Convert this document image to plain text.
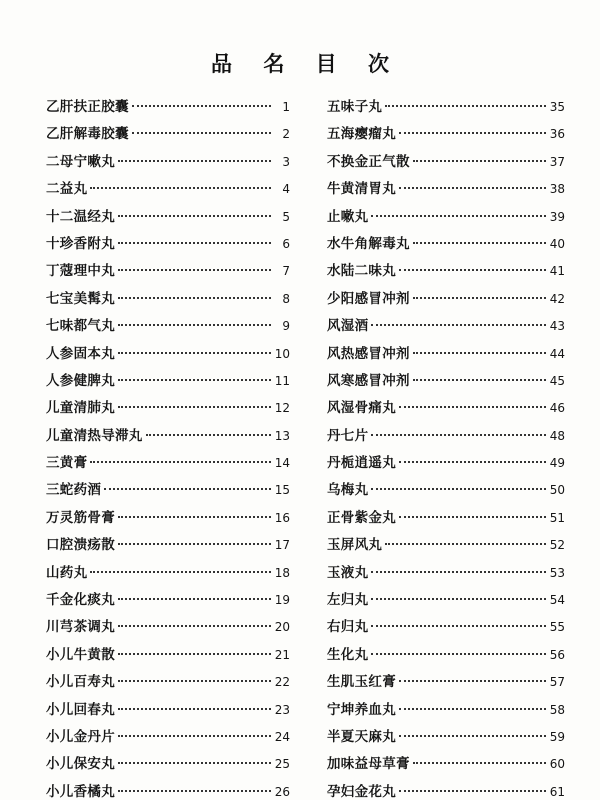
品 名 目 次
乙肝扶正胶囊	1
乙肝解毒胶囊	2
二母宁嗽丸	3
二益丸	4
十二温经丸	5
十珍香附丸	6
丁蔻理中丸	7
七宝美髯丸	8
七味都气丸	9
人参固本丸	10
人参健脾丸	11
儿童清肺丸	12
儿童清热导滞丸	13
三黄膏	14
三蛇药酒	15
万灵筋骨膏	16
口腔溃疡散	17
山药丸	18
千金化痰丸	19
川芎茶调丸	20
小儿牛黄散	21
小儿百寿丸	22
小儿回春丸	23
小儿金丹片	24
小儿保安丸	25
小儿香橘丸	26
五味子丸	35
五海瘿瘤丸	36
不换金正气散	37
牛黄清胃丸	38
止嗽丸	39
水牛角解毒丸	40
水陆二味丸	41
少阳感冒冲剂	42
风湿酒	43
风热感冒冲剂	44
风寒感冒冲剂	45
风湿骨痛丸	46
丹七片	48
丹栀逍遥丸	49
乌梅丸	50
正骨紫金丸	51
玉屏风丸	52
玉液丸	53
左归丸	54
右归丸	55
生化丸	56
生肌玉红膏	57
宁坤养血丸	58
半夏天麻丸	59
加味益母草膏	60
孕妇金花丸	61
